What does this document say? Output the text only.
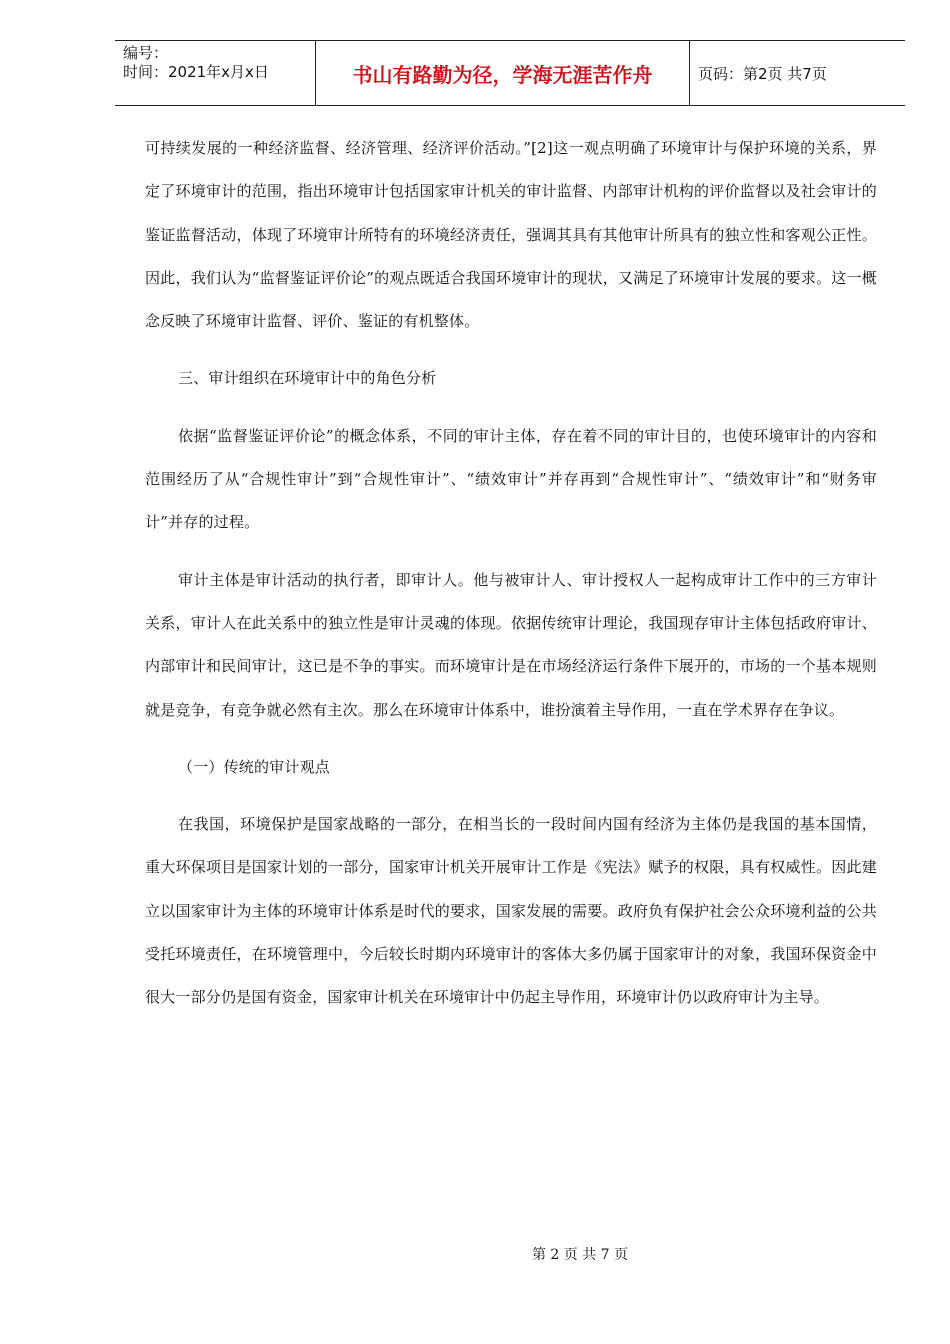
编号：
时间：2021年x月x日	书山有路勤为径，学海无涯苦作舟	页码：第2页 共7页

可持续发展的一种经济监督、经济管理、经济评价活动。”[2]这一观点明确了环境审计与保护环境的关系，界定了环境审计的范围，指出环境审计包括国家审计机关的审计监督、内部审计机构的评价监督以及社会审计的鉴证监督活动，体现了环境审计所特有的环境经济责任，强调其具有其他审计所具有的独立性和客观公正性。因此，我们认为“监督鉴证评价论”的观点既适合我国环境审计的现状，又满足了环境审计发展的要求。这一概念反映了环境审计监督、评价、鉴证的有机整体。

三、审计组织在环境审计中的角色分析

依据“监督鉴证评价论”的概念体系，不同的审计主体，存在着不同的审计目的，也使环境审计的内容和范围经历了从“合规性审计”到“合规性审计”、“绩效审计”并存再到“合规性审计”、“绩效审计”和“财务审计”并存的过程。

审计主体是审计活动的执行者，即审计人。他与被审计人、审计授权人一起构成审计工作中的三方审计关系，审计人在此关系中的独立性是审计灵魂的体现。依据传统审计理论，我国现存审计主体包括政府审计、内部审计和民间审计，这已是不争的事实。而环境审计是在市场经济运行条件下展开的，市场的一个基本规则就是竞争，有竞争就必然有主次。那么在环境审计体系中，谁扮演着主导作用，一直在学术界存在争议。

（一）传统的审计观点

在我国，环境保护是国家战略的一部分，在相当长的一段时间内国有经济为主体仍是我国的基本国情，重大环保项目是国家计划的一部分，国家审计机关开展审计工作是《宪法》赋予的权限，具有权威性。因此建立以国家审计为主体的环境审计体系是时代的要求，国家发展的需要。政府负有保护社会公众环境利益的公共受托环境责任，在环境管理中，今后较长时期内环境审计的客体大多仍属于国家审计的对象，我国环保资金中很大一部分仍是国有资金，国家审计机关在环境审计中仍起主导作用，环境审计仍以政府审计为主导。

第 2 页 共 7 页
